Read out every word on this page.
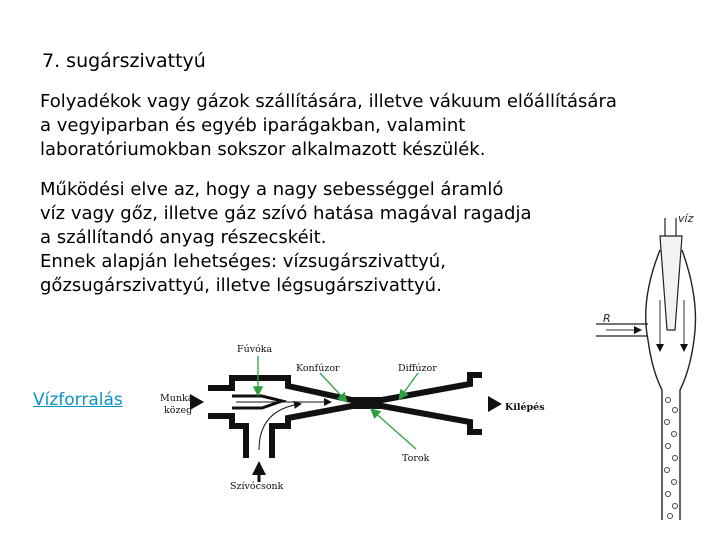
7. sugárszivattyú
Folyadékok vagy gázok szállítására, illetve vákuum előállítására
a vegyiparban és egyéb iparágakban, valamint
laboratóriumokban sokszor alkalmazott készülék.
Működési elve az, hogy a nagy sebességgel áramló
víz vagy gőz, illetve gáz szívó hatása magával ragadja
a szállítandó anyag részecskéit.
Ennek alapján lehetséges: vízsugárszivattyú,
gőzsugárszivattyú, illetve légsugárszivattyú.
Vízforralás
Fúvóka
Konfúzor	Diffúzor
Munka-
közeg	Kilépés
Torok
Szívócsonk
víz
R
